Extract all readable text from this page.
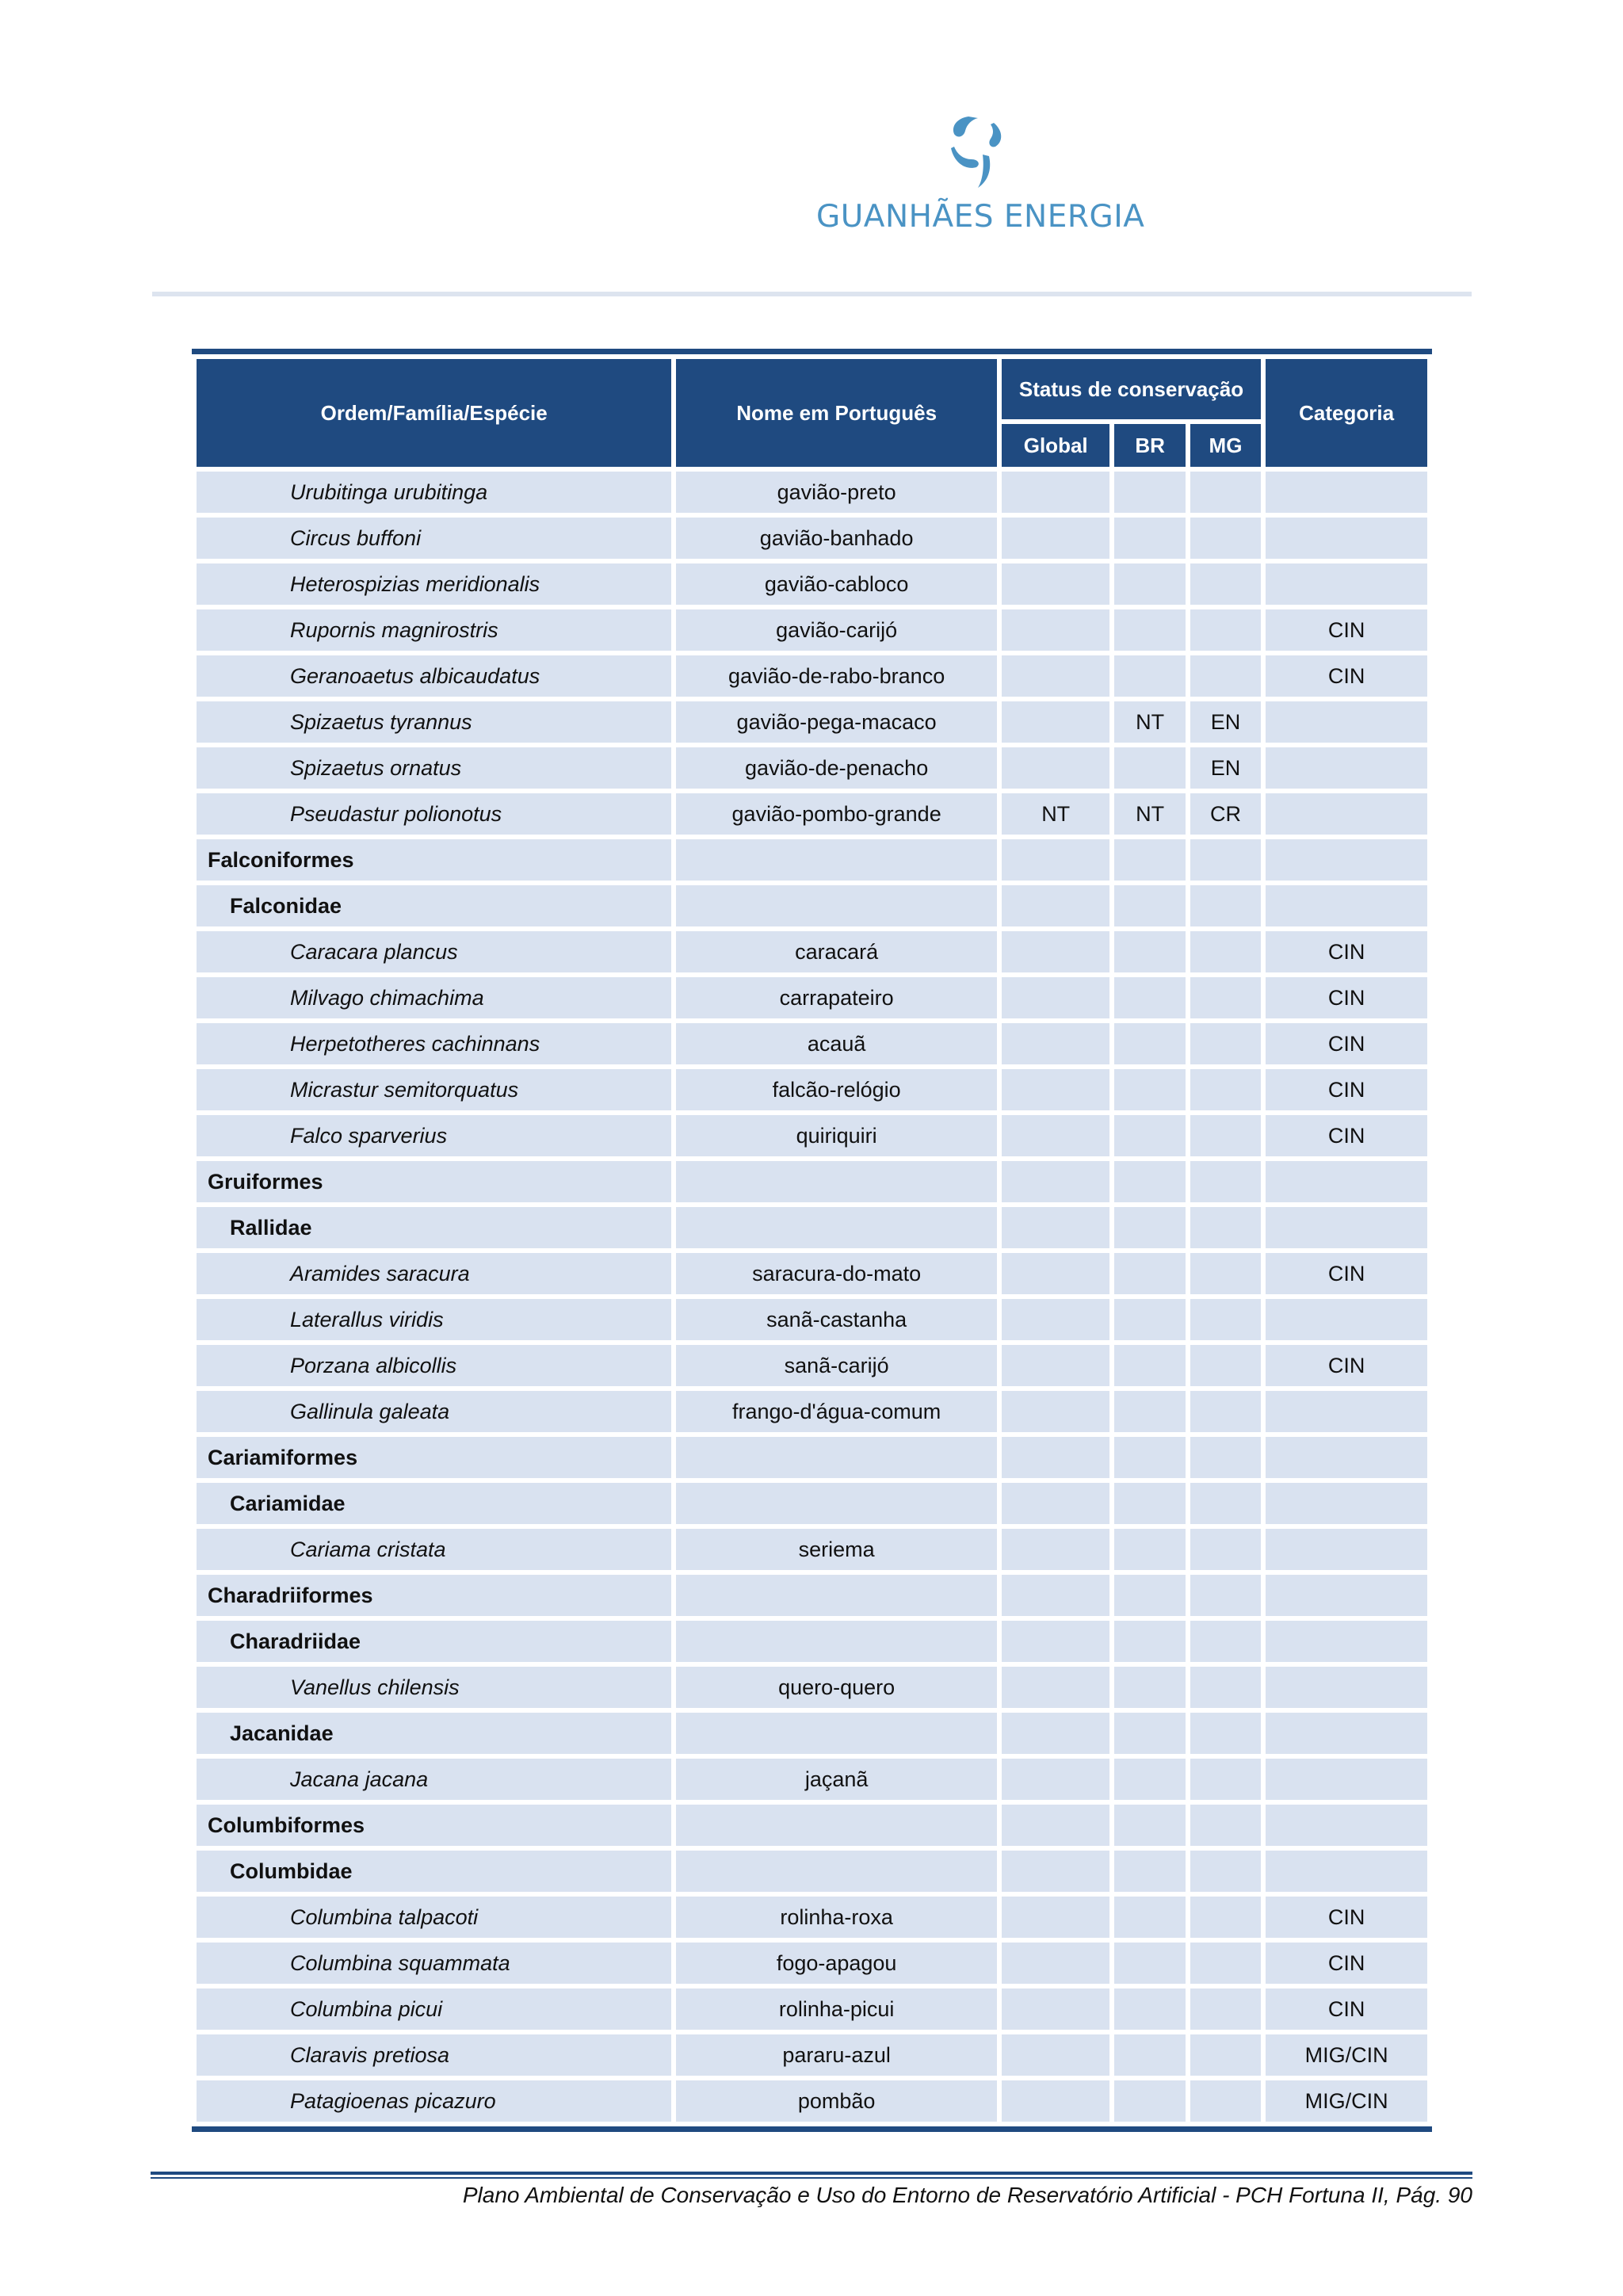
GUANHÃES ENERGIA
Ordem/Família/Espécie	Nome em Português	Status de conservação			Categoria
		Global	BR	MG	
Urubitinga urubitinga	gavião-preto				
Circus buffoni	gavião-banhado				
Heterospizias meridionalis	gavião-cabloco				
Rupornis magnirostris	gavião-carijó				CIN
Geranoaetus albicaudatus	gavião-de-rabo-branco				CIN
Spizaetus tyrannus	gavião-pega-macaco		NT	EN	
Spizaetus ornatus	gavião-de-penacho			EN	
Pseudastur polionotus	gavião-pombo-grande	NT	NT	CR	
Falconiformes					
Falconidae					
Caracara plancus	caracará				CIN
Milvago chimachima	carrapateiro				CIN
Herpetotheres cachinnans	acauã				CIN
Micrastur semitorquatus	falcão-relógio				CIN
Falco sparverius	quiriquiri				CIN
Gruiformes					
Rallidae					
Aramides saracura	saracura-do-mato				CIN
Laterallus viridis	sanã-castanha				
Porzana albicollis	sanã-carijó				CIN
Gallinula galeata	frango-d'água-comum				
Cariamiformes					
Cariamidae					
Cariama cristata	seriema				
Charadriiformes					
Charadriidae					
Vanellus chilensis	quero-quero				
Jacanidae					
Jacana jacana	jaçanã				
Columbiformes					
Columbidae					
Columbina talpacoti	rolinha-roxa				CIN
Columbina squammata	fogo-apagou				CIN
Columbina picui	rolinha-picui				CIN
Claravis pretiosa	pararu-azul				MIG/CIN
Patagioenas picazuro	pombão				MIG/CIN
Plano Ambiental de Conservação e Uso do Entorno de Reservatório Artificial - PCH Fortuna II, Pág. 90
